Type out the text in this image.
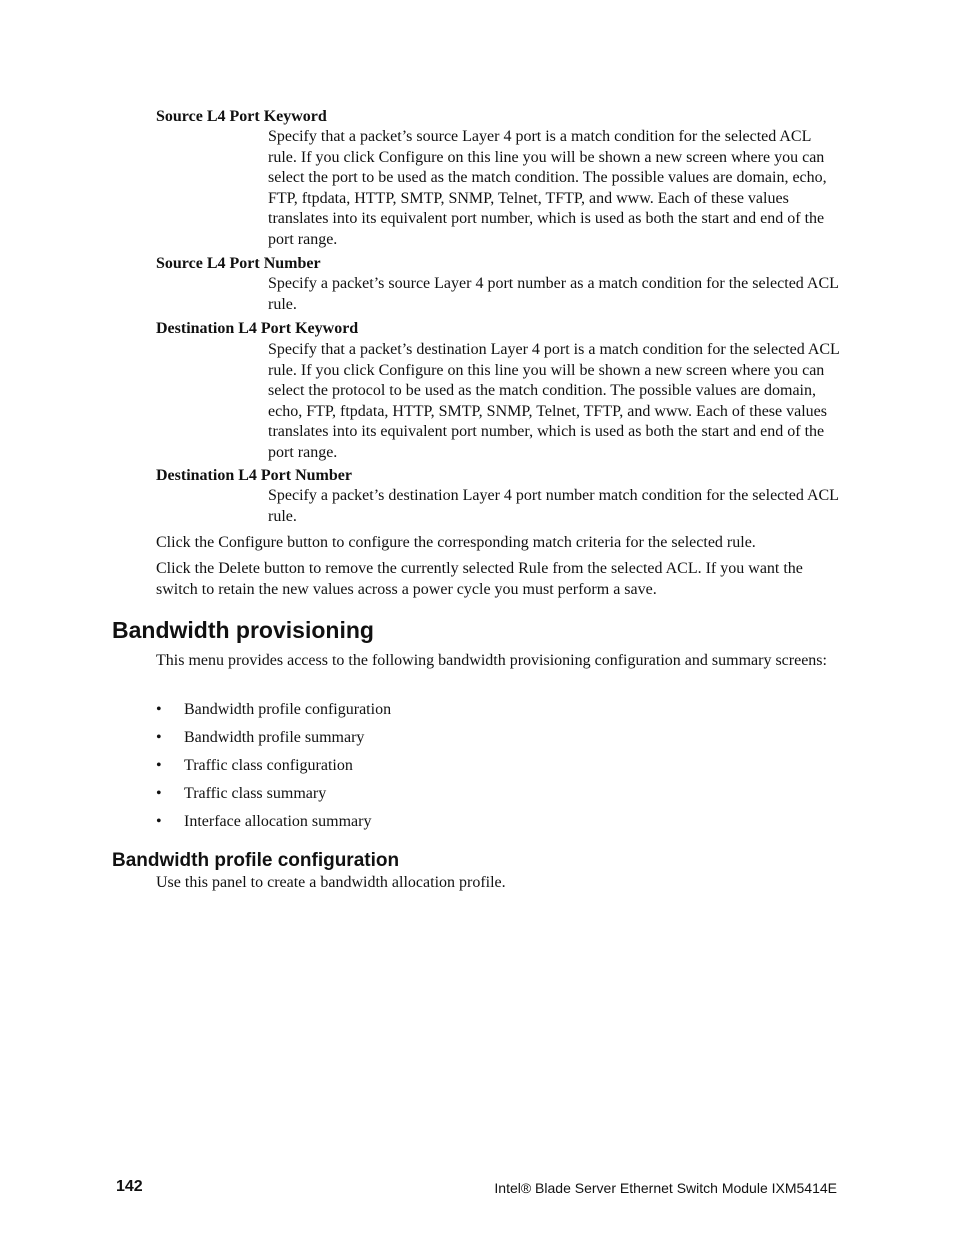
Source L4 Port Keyword
Specify that a packet’s source Layer 4 port is a match condition for the selected ACL rule. If you click Configure on this line you will be shown a new screen where you can select the port to be used as the match condition. The possible values are domain, echo, FTP, ftpdata, HTTP, SMTP, SNMP, Telnet, TFTP, and www. Each of these values translates into its equivalent port number, which is used as both the start and end of the port range.
Source L4 Port Number
Specify a packet’s source Layer 4 port number as a match condition for the selected ACL rule.
Destination L4 Port Keyword
Specify that a packet’s destination Layer 4 port is a match condition for the selected ACL rule. If you click Configure on this line you will be shown a new screen where you can select the protocol to be used as the match condition. The possible values are domain, echo, FTP, ftpdata, HTTP, SMTP, SNMP, Telnet, TFTP, and www. Each of these values translates into its equivalent port number, which is used as both the start and end of the port range.
Destination L4 Port Number
Specify a packet’s destination Layer 4 port number match condition for the selected ACL rule.
Click the Configure button to configure the corresponding match criteria for the selected rule.
Click the Delete button to remove the currently selected Rule from the selected ACL. If you want the switch to retain the new values across a power cycle you must perform a save.
Bandwidth provisioning
This menu provides access to the following bandwidth provisioning configuration and summary screens:
• Bandwidth profile configuration
• Bandwidth profile summary
• Traffic class configuration
• Traffic class summary
• Interface allocation summary
Bandwidth profile configuration
Use this panel to create a bandwidth allocation profile.
142	Intel® Blade Server Ethernet Switch Module IXM5414E
